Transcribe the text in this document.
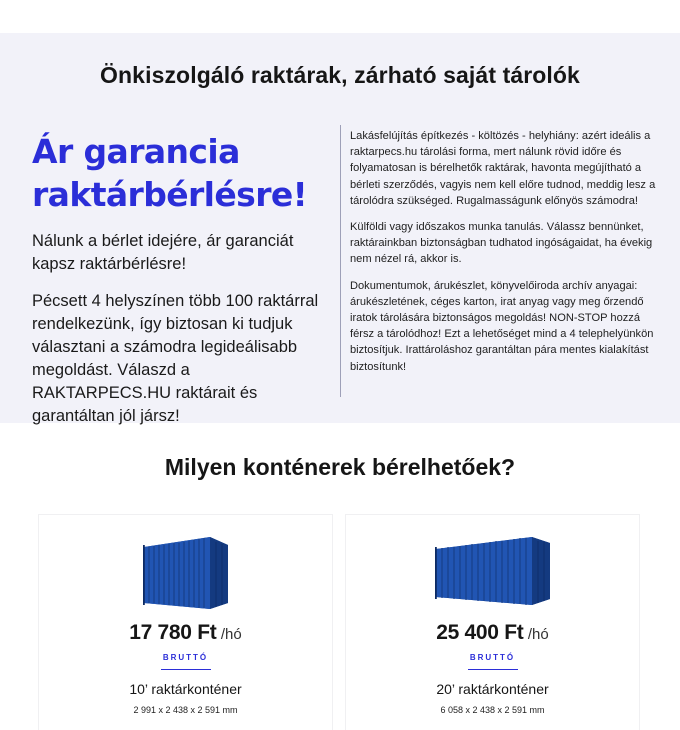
Önkiszolgáló raktárak, zárható saját tárolók
Ár garancia
raktárbérlésre!

Nálunk a bérlet idejére, ár garanciát kapsz raktárbérlésre!

Pécsett 4 helyszínen több 100 raktárral rendelkezünk, így biztosan ki tudjuk választani a számodra legideálisabb megoldást. Válaszd a RAKTARPECS.HU raktárait és garantáltan jól jársz!

Lakásfelújítás építkezés - költözés - helyhiány: azért ideális a raktarpecs.hu tárolási forma, mert nálunk rövid időre és folyamatosan is bérelhetők raktárak, havonta megújítható a bérleti szerződés, vagyis nem kell előre tudnod, meddig lesz a tárolódra szükséged. Rugalmasságunk előnyös számodra!

Külföldi vagy időszakos munka tanulás. Válassz bennünket, raktárainkban biztonságban tudhatod ingóságaidat, ha évekig nem nézel rá, akkor is.

Dokumentumok, árukészlet, könyvelőiroda archív anyagai: árukészletének, céges karton, irat anyag vagy meg őrzendő iratok tárolására biztonságos megoldás! NON-STOP hozzá férsz a tárolódhoz! Ezt a lehetőséget mind a 4 telephelyünkön biztosítjuk. Irattároláshoz garantáltan pára mentes kialakítást biztosítunk!

Milyen konténerek bérelhetőek?
17 780 Ft /hó
BRUTTÓ
10’ raktárkonténer
2 991 x 2 438 x 2 591 mm
25 400 Ft /hó
BRUTTÓ
20’ raktárkonténer
6 058 x 2 438 x 2 591 mm
